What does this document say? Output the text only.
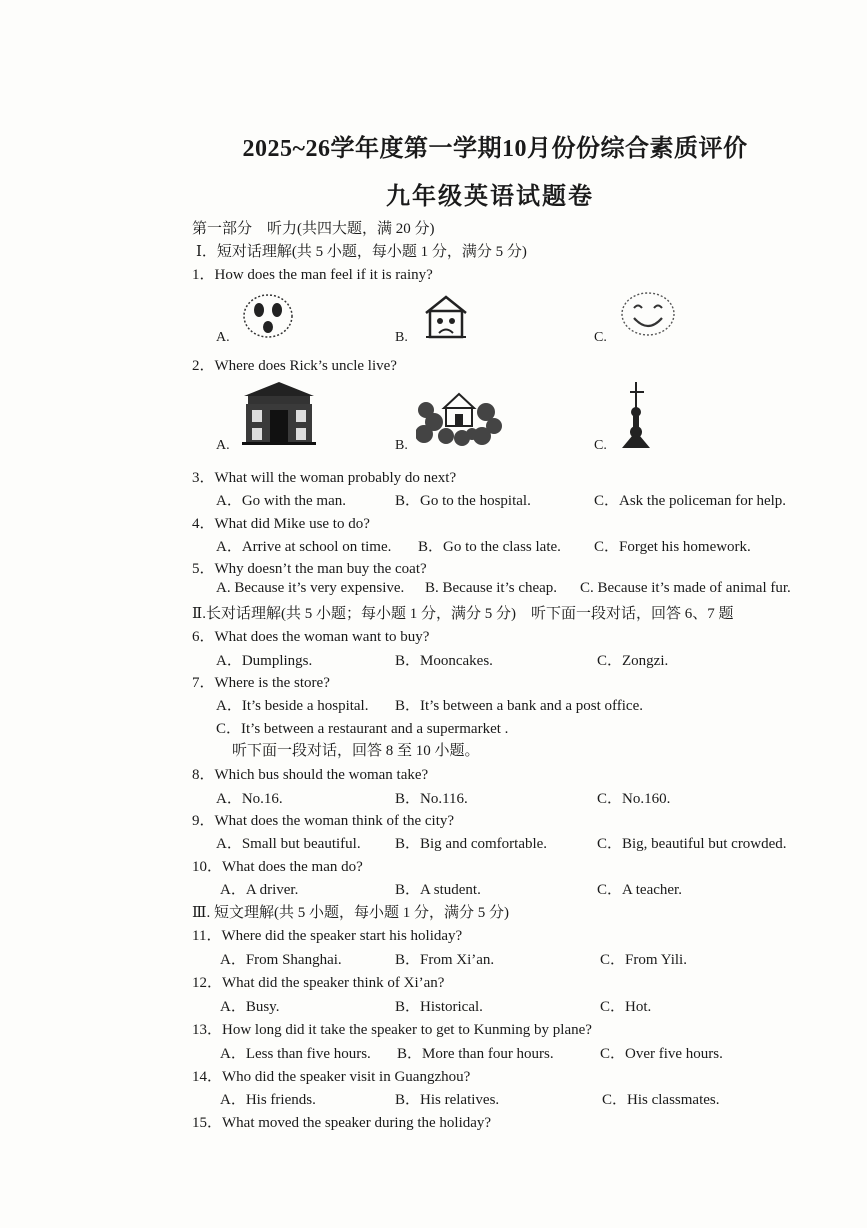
2025~26学年度第一学期10月份份综合素质评价
九年级英语试题卷
第一部分　听力(共四大题，满 20 分)
Ⅰ．短对话理解(共 5 小题，每小题 1 分，满分 5 分)
1．How does the man feel if it is rainy?
A.	B.	C.
2．Where does Rick’s uncle live?
A.	B.	C.
3．What will the woman probably do next?
A．Go with the man.	B．Go to the hospital.	C．Ask the policeman for help.
4．What did Mike use to do?
A．Arrive at school on time. B．Go to the class late. C．Forget his homework.
5．Why doesn’t the man buy the coat?
A. Because it’s very expensive. B. Because it’s cheap. C. Because it’s made of animal fur.
Ⅱ.长对话理解(共 5 小题；每小题 1 分，满分 5 分)　听下面一段对话，回答 6、7 题
6．What does the woman want to buy?
A．Dumplings.	B．Mooncakes.	C．Zongzi.
7．Where is the store?
A．It’s beside a hospital. B．It’s between a bank and a post office.
C．It’s between a restaurant and a supermarket .
听下面一段对话，回答 8 至 10 小题。
8．Which bus should the woman take?
A．No.16.	B．No.116.	C．No.160.
9．What does the woman think of the city?
A．Small but beautiful. B．Big and comfortable.	C．Big, beautiful but crowded.
10．What does the man do?
A．A driver.	B．A student.	C．A teacher.
Ⅲ. 短文理解(共 5 小题，每小题 1 分，满分 5 分)
11．Where did the speaker start his holiday?
A．From Shanghai.	B．From Xi’an.	C．From Yili.
12．What did the speaker think of Xi’an?
A．Busy.	B．Historical.	C．Hot.
13．How long did it take the speaker to get to Kunming by plane?
A．Less than five hours. B．More than four hours.	C．Over five hours.
14．Who did the speaker visit in Guangzhou?
A．His friends.	B．His relatives.	C．His classmates.
15．What moved the speaker during the holiday?
